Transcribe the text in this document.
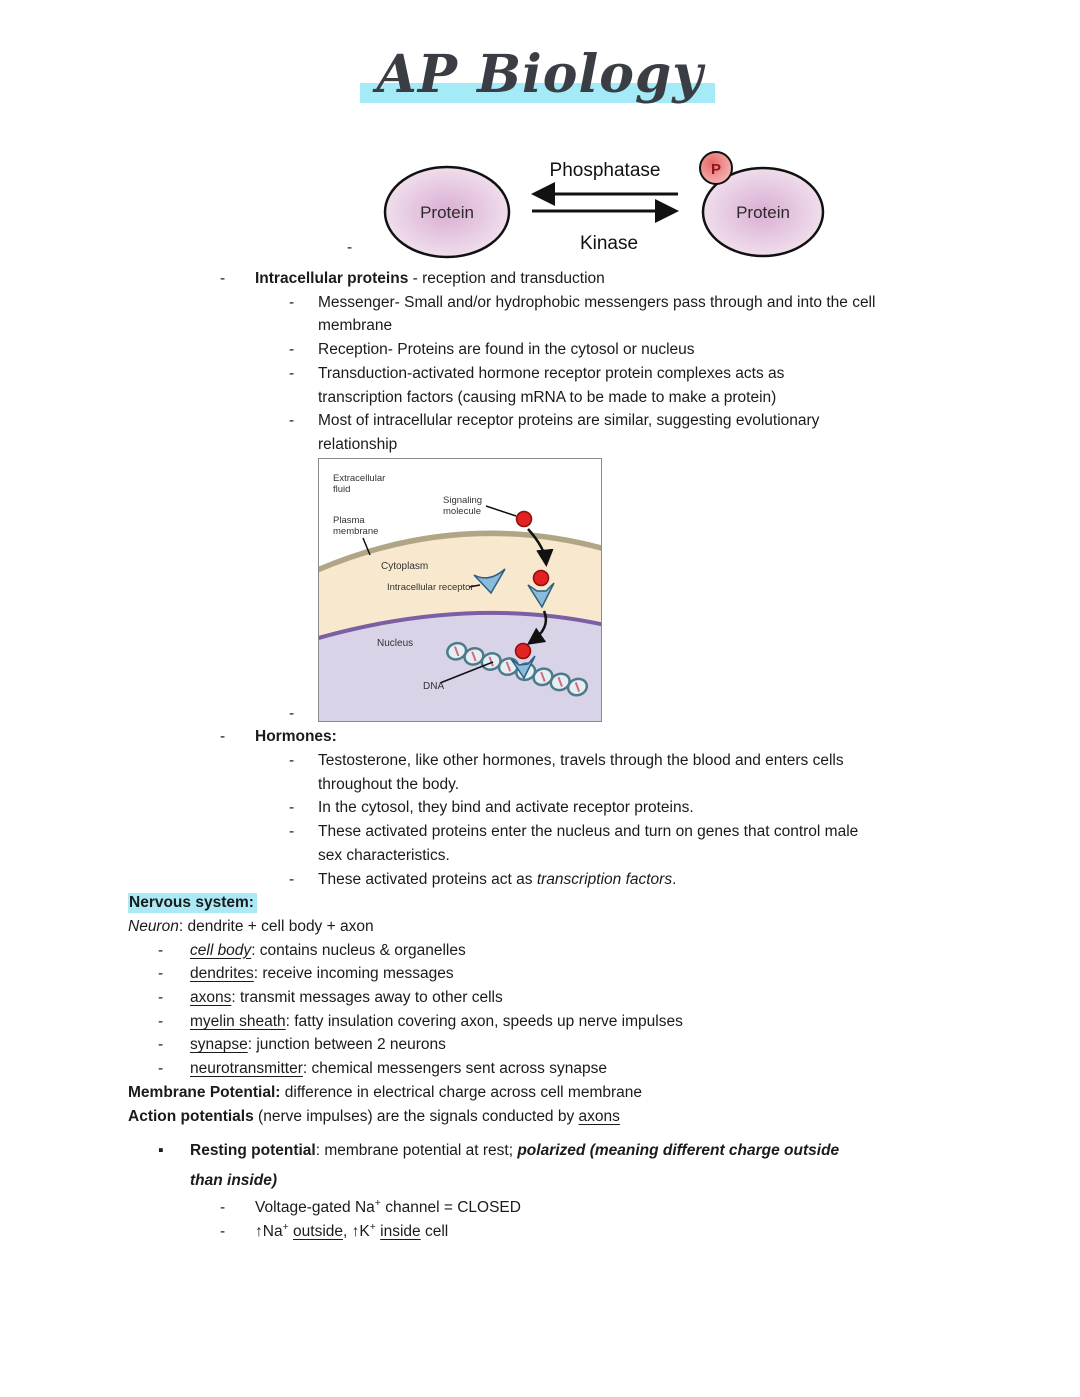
AP Biology
-
Protein	Protein
P
Phosphatase
Kinase
- Intracellular proteins - reception and transduction
- Messenger- Small and/or hydrophobic messengers pass through and into the cell
membrane
- Reception- Proteins are found in the cytosol or nucleus
- Transduction-activated hormone receptor protein complexes acts as
transcription factors (causing mRNA to be made to make a protein)
- Most of intracellular receptor proteins are similar, suggesting evolutionary
relationship
Extracellular
fluid
Signaling
molecule
Plasma
membrane
Cytoplasm
Intracellular receptor
Nucleus
DNA
-
- Hormones:
- Testosterone, like other hormones, travels through the blood and enters cells
throughout the body.
- In the cytosol, they bind and activate receptor proteins.
- These activated proteins enter the nucleus and turn on genes that control male
sex characteristics.
- These activated proteins act as transcription factors.
Nervous system:
Neuron: dendrite + cell body + axon
- cell body: contains nucleus & organelles
- dendrites: receive incoming messages
- axons: transmit messages away to other cells
- myelin sheath: fatty insulation covering axon, speeds up nerve impulses
- synapse: junction between 2 neurons
- neurotransmitter: chemical messengers sent across synapse
Membrane Potential: difference in electrical charge across cell membrane
Action potentials (nerve impulses) are the signals conducted by axons
▪ Resting potential: membrane potential at rest; polarized (meaning different charge outside
than inside)
- Voltage-gated Na+ channel = CLOSED
- ↑Na+ outside, ↑K+ inside cell
